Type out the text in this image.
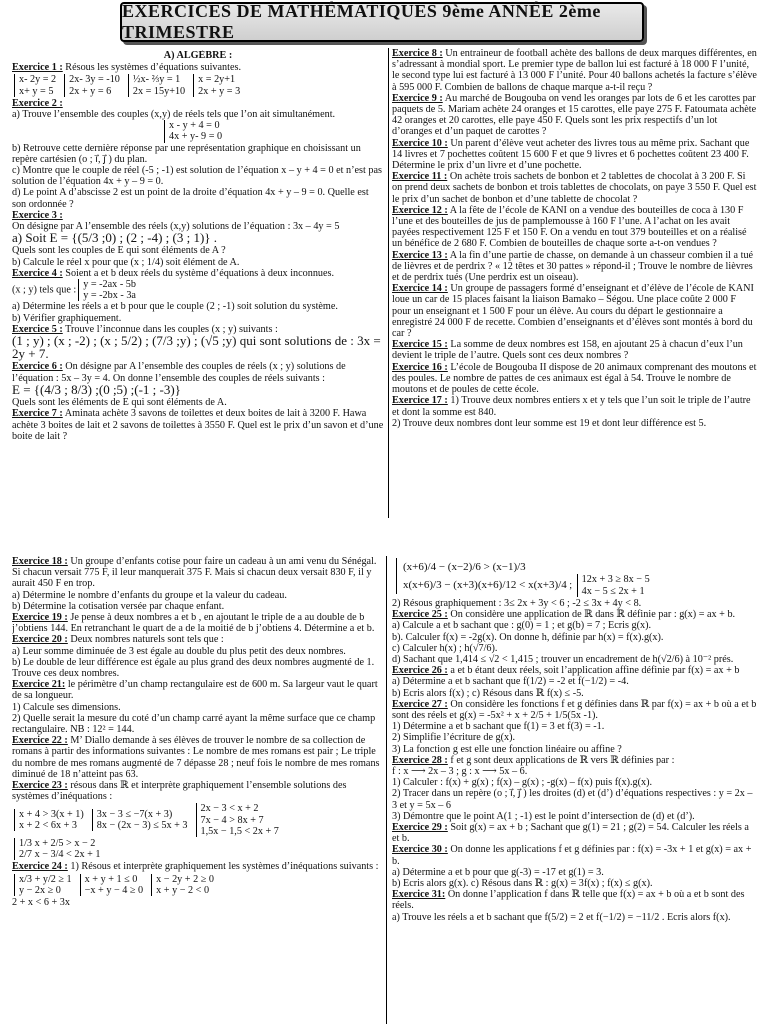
EXERCICES DE MATHÉMATIQUES 9ème ANNÉE 2ème TRIMESTRE
A) ALGÈBRE :
Exercice 1 : Résous les systèmes d’équations suivantes.
x- 2y = 2
x+ y = 5
2x- 3y = -10
2x + y = 6
½x- ⅔y = 1
2x = 15y+10
x = 2y+1
2x + y = 3
Exercice 2 :
a) Trouve l’ensemble des couples (x,y) de réels tels que l’on ait simultanément.
x - y + 4 = 0
4x + y- 9 = 0
b) Retrouve cette dernière réponse par une représentation graphique en choisissant un repère cartésien (o ; i⃗, j⃗ ) du plan.
c) Montre que le couple de réel (-5 ; -1) est solution de l’équation x – y + 4 = 0 et n’est pas solution de l’équation 4x + y – 9 = 0.
d) Le point A d’abscisse 2 est un point de la droite d’équation 4x + y – 9 = 0. Quelle est son ordonnée ?
Exercice 3 :
On désigne par A l’ensemble des réels (x,y) solutions de l’équation : 3x – 4y = 5
a) Soit E = {(5/3 ;0) ; (2 ; -4) ; (3 ; 1)} .
Quels sont les couples de E qui sont éléments de A ?
b) Calcule le réel x pour que (x ; 1/4) soit élément de A.
Exercice 4 : Soient a et b deux réels du système d’équations à deux inconnues.
(x ; y) tels que :
y = -2ax - 5b
y = -2bx - 3a
a) Détermine les réels a et b pour que le couple (2 ; -1) soit solution du système.
b) Vérifier graphiquement.
Exercice 5 : Trouve l’inconnue dans les couples (x ; y) suivants :
(1 ; y) ; (x ; -2) ; (x ; 5/2) ; (7/3 ;y) ; (√5 ;y) qui sont solutions de : 3x = 2y + 7.
Exercice 6 : On désigne par A l’ensemble des couples de réels (x ; y) solutions de l’équation : 5x – 3y = 4. On donne l’ensemble des couples de réels suivants :
E = {(4/3 ; 8/3) ;(0 ;5) ;(-1 ; -3)}
Quels sont les éléments de E qui sont éléments de A.
Exercice 7 : Aminata achète 3 savons de toilettes et deux boites de lait à 3200 F. Hawa achète 3 boites de lait et 2 savons de toilettes à 3550 F. Quel est le prix d’un savon et d’une boite de lait ?
Exercice 8 : Un entraineur de football achète des ballons de deux marques différentes, en s’adressant à mondial sport. Le premier type de ballon lui est facturé à 18 000 F l’unité, le second type lui est facturé à 13 000 F l’unité. Pour 40 ballons achetés la facture s’élève à 595 000 F. Combien de ballons de chaque marque a-t-il reçu ?
Exercice 9 : Au marché de Bougouba on vend les oranges par lots de 6 et les carottes par paquets de 5. Mariam achète 24 oranges et 15 carottes, elle paye 275 F. Fatoumata achète 42 oranges et 20 carottes, elle paye 450 F. Quels sont les prix respectifs d’un lot d’oranges et d’un paquet de carottes ?
Exercice 10 : Un parent d’élève veut acheter des livres tous au même prix. Sachant que 14 livres et 7 pochettes coûtent 15 600 F et que 9 livres et 6 pochettes coûtent 23 400 F. Détermine le prix d’un livre et d’une pochette.
Exercice 11 : On achète trois sachets de bonbon et 2 tablettes de chocolat à 3 200 F. Si on prend deux sachets de bonbon et trois tablettes de chocolats, on paye 3 550 F. Quel est le prix d’un sachet de bonbon et d’une tablette de chocolat ?
Exercice 12 : A la fête de l’école de KANI on a vendue des bouteilles de coca à 130 F l’une et des bouteilles de jus de pamplemousse à 160 F l’une. A l’achat on les avait payées respectivement 125 F et 150 F. On a vendu en tout 379 bouteilles et on a réalisé un bénéfice de 2 680 F. Combien de bouteilles de chaque sorte a-t-on vendues ?
Exercice 13 : A la fin d’une partie de chasse, on demande à un chasseur combien il a tué de lièvres et de perdrix ? « 12 têtes et 30 pattes » répond-il ; Trouve le nombre de lièvres et de perdrix tués (Une perdrix est un oiseau).
Exercice 14 : Un groupe de passagers formé d’enseignant et d’élève de l’école de KANI loue un car de 15 places faisant la liaison Bamako – Ségou. Une place coûte 2 000 F pour un enseignant et 1 500 F pour un élève. Au cours du départ le gestionnaire a enregistré 24 000 F de recette. Combien d’enseignants et d’élèves sont montés à bord du car ?
Exercice 15 : La somme de deux nombres est 158, en ajoutant 25 à chacun d’eux l’un devient le triple de l’autre. Quels sont ces deux nombres ?
Exercice 16 : L’école de Bougouba II dispose de 20 animaux comprenant des moutons et des poules. Le nombre de pattes de ces animaux est égal à 54. Trouve le nombre de moutons et de poules de cette école.
Exercice 17 : 1) Trouve deux nombres entiers x et y tels que l’un soit le triple de l’autre et dont la somme est 840.
2) Trouve deux nombres dont leur somme est 19 et dont leur différence est 5.
Exercice 18 : Un groupe d’enfants cotise pour faire un cadeau à un ami venu du Sénégal. Si chacun versait 775 F, il leur manquerait 375 F. Mais si chacun deux versait 830 F, il y aurait 450 F en trop.
a) Détermine le nombre d’enfants du groupe et la valeur du cadeau.
b) Détermine la cotisation versée par chaque enfant.
Exercice 19 : Je pense à deux nombres a et b , en ajoutant le triple de a au double de b j’obtiens 144. En retranchant le quart de a de la moitié de b j’obtiens 4. Détermine a et b.
Exercice 20 : Deux nombres naturels sont tels que :
a) Leur somme diminuée de 3 est égale au double du plus petit des deux nombres.
b) Le double de leur différence est égale au plus grand des deux nombres augmenté de 1. Trouve ces deux nombres.
Exercice 21: le périmètre d’un champ rectangulaire est de 600 m. Sa largeur vaut le quart de sa longueur.
1) Calcule ses dimensions.
2) Quelle serait la mesure du coté d’un champ carré ayant la même surface que ce champ rectangulaire. NB : 12² = 144.
Exercice 22 : M’ Diallo demande à ses élèves de trouver le nombre de sa collection de romans à partir des informations suivantes : Le nombre de mes romans est pair ; Le triple du nombre de mes romans augmenté de 7 dépasse 28 ; neuf fois le nombre de mes romans diminué de 18 n’atteint pas 63.
Exercice 23 : résous dans ℝ et interprète graphiquement l’ensemble solutions des systèmes d’inéquations :
x + 4 > 3(x + 1)
x + 2 < 6x + 3
3x − 3 ≤ −7(x + 3)
8x − (2x − 3) ≤ 5x + 3
2x − 3 < x + 2
7x − 4 > 8x + 7
1,5x − 1,5 < 2x + 7
1/3 x + 2/5 > x − 2
2/7 x − 3/4 < 2x + 1
Exercice 24 : 1) Résous et interprète graphiquement les systèmes d’inéquations suivants :
x/3 + y/2 ≥ 1
y − 2x ≥ 0
x + y + 1 ≤ 0
−x + y − 4 ≥ 0
x − 2y + 2 ≥ 0
x + y − 2 < 0
2 + x < 6 + 3x
(x+6)/4 − (x−2)/6 > (x−1)/3
x(x+6)/3 − (x+3)(x+6)/12 < x(x+3)/4 ;
12x + 3 ≥ 8x − 5
4x − 5 ≤ 2x + 1
2) Résous graphiquement : 3≤ 2x + 3y < 6 ; -2 ≤ 3x + 4y < 8.
Exercice 25 : On considère une application de ℝ dans ℝ définie par : g(x) = ax + b.
a) Calcule a et b sachant que : g(0) = 1 ; et g(b) = 7 ; Ecris g(x).
b). Calculer f(x) = -2g(x). On donne h, définie par h(x) = f(x).g(x).
c) Calculer h(x) ; h(√7/6).
d) Sachant que 1,414 ≤ √2 < 1,415 ; trouver un encadrement de h(√2/6) à 10⁻² prés.
Exercice 26 : a et b étant deux réels, soit l’application affine définie par f(x) = ax + b
a) Détermine a et b sachant que f(1/2) = -2 et f(−1/2) = -4.
b) Ecris alors f(x) ; c) Résous dans ℝ f(x) ≤ -5.
Exercice 27 : On considère les fonctions f et g définies dans ℝ par f(x) = ax + b où a et b sont des réels et g(x) = -5x² + x + 2/5 + 1/5(5x -1).
1) Détermine a et b sachant que f(1) = 3 et f(3) = -1.
2) Simplifie l’écriture de g(x).
3) La fonction g est elle une fonction linéaire ou affine ?
Exercice 28 : f et g sont deux applications de ℝ vers ℝ définies par :
f : x ⟶ 2x – 3 ; g : x ⟶ 5x – 6.
1) Calculer : f(x) + g(x) ; f(x) – g(x) ; -g(x) – f(x) puis f(x).g(x).
2) Tracer dans un repère (o ; i⃗, j⃗ ) les droites (d) et (d’) d’équations respectives : y = 2x – 3 et y = 5x – 6
3) Démontre que le point A(1 ; -1) est le point d’intersection de (d) et (d’).
Exercice 29 : Soit g(x) = ax + b ; Sachant que g(1) = 21 ; g(2) = 54. Calculer les réels a et b.
Exercice 30 : On donne les applications f et g définies par : f(x) = -3x + 1 et g(x) = ax + b.
a) Détermine a et b pour que g(-3) = -17 et g(1) = 3.
b) Ecris alors g(x). c) Résous dans ℝ : g(x) = 3f(x) ; f(x) ≤ g(x).
Exercice 31: On donne l’application f dans ℝ telle que f(x) = ax + b où a et b sont des réels.
a) Trouve les réels a et b sachant que f(5/2) = 2 et f(−1/2) = −11/2 . Ecris alors f(x).
